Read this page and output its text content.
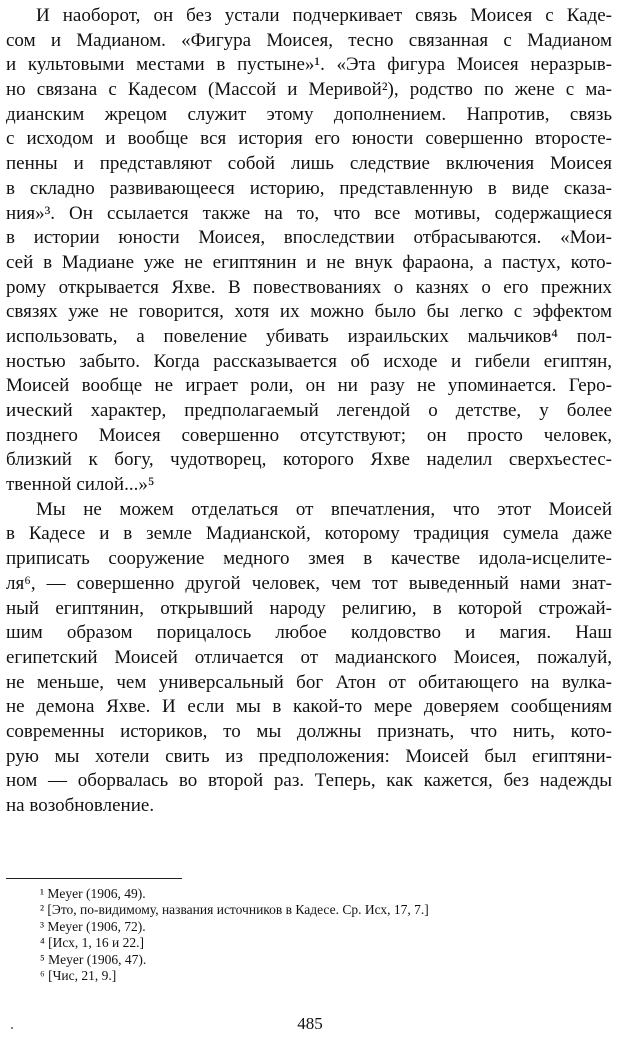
И наоборот, он без устали подчеркивает связь Моисея с Каде-
сом и Мадианом. «Фигура Моисея, тесно связанная с Мадианом
и культовыми местами в пустыне»¹. «Эта фигура Моисея неразрыв-
но связана с Кадесом (Массой и Меривой²), родство по жене с ма-
дианским жрецом служит этому дополнением. Напротив, связь
с исходом и вообще вся история его юности совершенно второсте-
пенны и представляют собой лишь следствие включения Моисея
в складно развивающееся историю, представленную в виде сказа-
ния»³. Он ссылается также на то, что все мотивы, содержащиеся
в истории юности Моисея, впоследствии отбрасываются. «Мои-
сей в Мадиане уже не египтянин и не внук фараона, а пастух, кото-
рому открывается Яхве. В повествованиях о казнях о его прежних
связях уже не говорится, хотя их можно было бы легко с эффектом
использовать, а повеление убивать израильских мальчиков⁴ пол-
ностью забыто. Когда рассказывается об исходе и гибели египтян,
Моисей вообще не играет роли, он ни разу не упоминается. Геро-
ический характер, предполагаемый легендой о детстве, у более
позднего Моисея совершенно отсутствуют; он просто человек,
близкий к богу, чудотворец, которого Яхве наделил сверхъестес-
твенной силой...»⁵
Мы не можем отделаться от впечатления, что этот Моисей
в Кадесе и в земле Мадианской, которому традиция сумела даже
приписать сооружение медного змея в качестве идола-исцелите-
ля⁶, — совершенно другой человек, чем тот выведенный нами знат-
ный египтянин, открывший народу религию, в которой строжай-
шим образом порицалось любое колдовство и магия. Наш
египетский Моисей отличается от мадианского Моисея, пожалуй,
не меньше, чем универсальный бог Атон от обитающего на вулка-
не демона Яхве. И если мы в какой-то мере доверяем сообщениям
современны историков, то мы должны признать, что нить, кото-
рую мы хотели свить из предположения: Моисей был египтяни-
ном — оборвалась во второй раз. Теперь, как кажется, без надежды
на возобновление.
¹ Meyer (1906, 49).
² [Это, по-видимому, названия источников в Кадесе. Ср. Исх, 17, 7.]
³ Meyer (1906, 72).
⁴ [Исх, 1, 16 и 22.]
⁵ Meyer (1906, 47).
⁶ [Чис, 21, 9.]
485
